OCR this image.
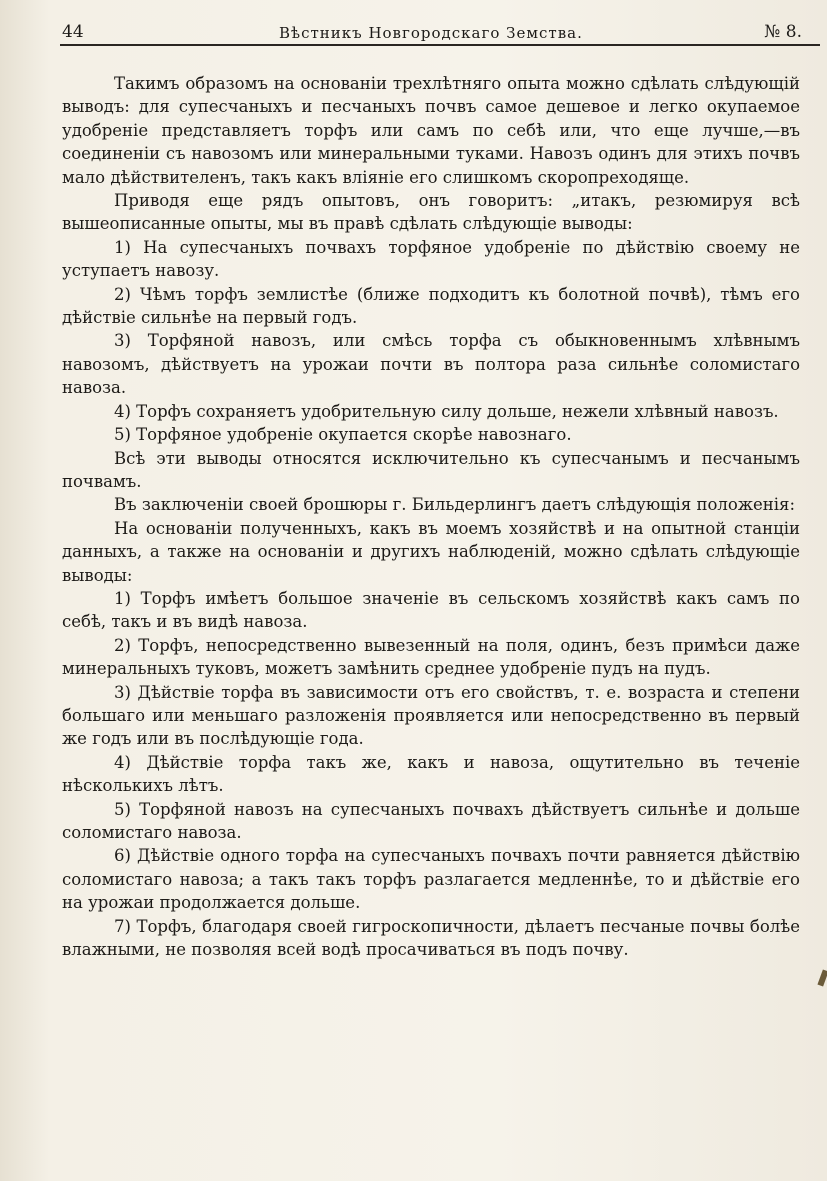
44	Вѣстникъ Новгородскаго Земства.	№ 8.

Такимъ образомъ на основанiи трехлѣтняго опыта можно сдѣлать слѣдующiй выводъ: для супесчаныхъ и песчаныхъ почвъ самое дешевое и легко окупаемое удобренiе представляетъ торфъ или самъ по себѣ или, что еще лучше,—въ соединенiи съ навозомъ или минеральными туками. Навозъ одинъ для этихъ почвъ мало дѣйствителенъ, такъ какъ влiянiе его слишкомъ скоропреходяще.

Приводя еще рядъ опытовъ, онъ говоритъ: „итакъ, резюмируя всѣ вышеописанные опыты, мы въ правѣ сдѣлать слѣдующiе выводы:

1) На супесчаныхъ почвахъ торфяное удобренiе по дѣйствiю своему не уступаетъ навозу.

2) Чѣмъ торфъ землистѣе (ближе подходитъ къ болотной почвѣ), тѣмъ его дѣйствiе сильнѣе на первый годъ.

3) Торфяной навозъ, или смѣсь торфа съ обыкновеннымъ хлѣвнымъ навозомъ, дѣйствуетъ на урожаи почти въ полтора раза сильнѣе соломистаго навоза.

4) Торфъ сохраняетъ удобрительную силу дольше, нежели хлѣвный навозъ.

5) Торфяное удобренiе окупается скорѣе навознаго.

Всѣ эти выводы относятся исключительно къ супесчанымъ и песчанымъ почвамъ.

Въ заключенiи своей брошюры г. Бильдерлингъ даетъ слѣдующiя положенiя:

На основанiи полученныхъ, какъ въ моемъ хозяйствѣ и на опытной станцiи данныхъ, а также на основанiи и другихъ наблюденiй, можно сдѣлать слѣдующiе выводы:

1) Торфъ имѣетъ большое значенiе въ сельскомъ хозяйствѣ какъ самъ по себѣ, такъ и въ видѣ навоза.

2) Торфъ, непосредственно вывезенный на поля, одинъ, безъ примѣси даже минеральныхъ туковъ, можетъ замѣнить среднее удобренiе пудъ на пудъ.

3) Дѣйствiе торфа въ зависимости отъ его свойствъ, т. е. возраста и степени большаго или меньшаго разложенiя проявляется или непосредственно въ первый же годъ или въ послѣдующiе года.

4) Дѣйствiе торфа такъ же, какъ и навоза, ощутительно въ теченiе нѣсколькихъ лѣтъ.

5) Торфяной навозъ на супесчаныхъ почвахъ дѣйствуетъ сильнѣе и дольше соломистаго навоза.

6) Дѣйствiе одного торфа на супесчаныхъ почвахъ почти равняется дѣйствiю соломистаго навоза; а такъ такъ торфъ разлагается медленнѣе, то и дѣйствiе его на урожаи продолжается дольше.

7) Торфъ, благодаря своей гигроскопичности, дѣлаетъ песчаные почвы болѣе влажными, не позволяя всей водѣ просачиваться въ подъ почву.
